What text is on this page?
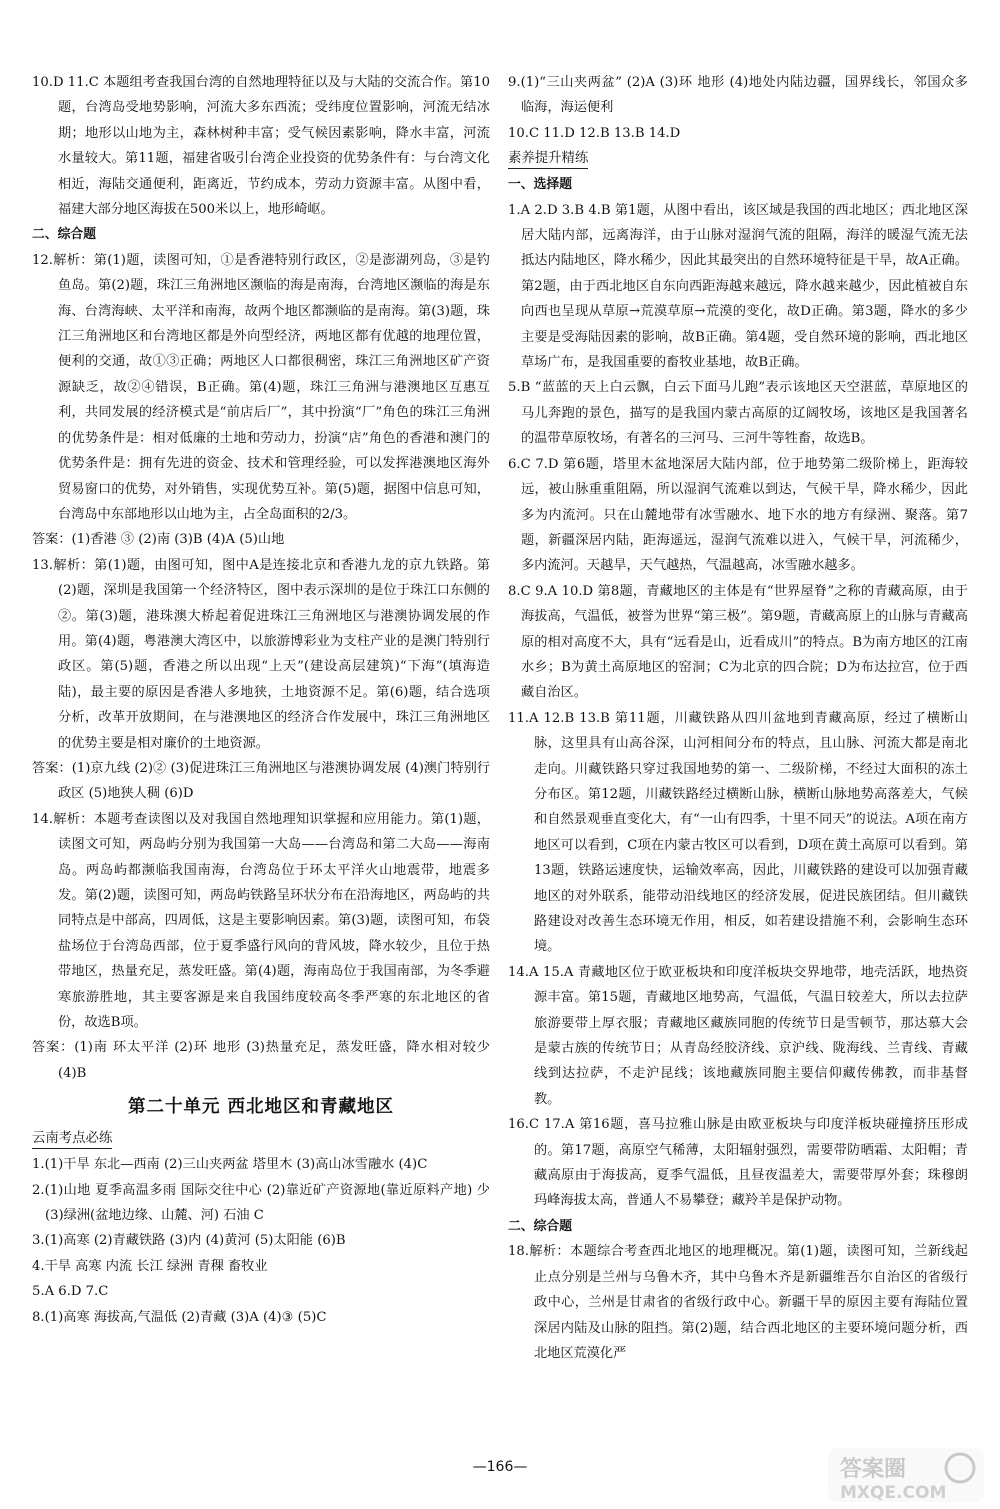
10.D 11.C 本题组考查我国台湾的自然地理特征以及与大陆的交流合作。第10题，台湾岛受地势影响，河流大多东西流；受纬度位置影响，河流无结冰期；地形以山地为主，森林树种丰富；受气候因素影响，降水丰富，河流水量较大。第11题，福建省吸引台湾企业投资的优势条件有：与台湾文化相近，海陆交通便利，距离近，节约成本，劳动力资源丰富。从图中看，福建大部分地区海拔在500米以上，地形崎岖。

二、综合题

12.解析：第(1)题，读图可知，①是香港特别行政区，②是澎湖列岛，③是钓鱼岛。第(2)题，珠江三角洲地区濒临的海是南海，台湾地区濒临的海是东海、台湾海峡、太平洋和南海，故两个地区都濒临的是南海。第(3)题，珠江三角洲地区和台湾地区都是外向型经济，两地区都有优越的地理位置，便利的交通，故①③正确；两地区人口都很稠密，珠江三角洲地区矿产资源缺乏，故②④错误，B正确。第(4)题，珠江三角洲与港澳地区互惠互利，共同发展的经济模式是“前店后厂”，其中扮演“厂”角色的珠江三角洲的优势条件是：相对低廉的土地和劳动力，扮演“店”角色的香港和澳门的优势条件是：拥有先进的资金、技术和管理经验，可以发挥港澳地区海外贸易窗口的优势，对外销售，实现优势互补。第(5)题，据图中信息可知，台湾岛中东部地形以山地为主，占全岛面积的2/3。

答案：(1)香港 ③ (2)南 (3)B (4)A (5)山地

13.解析：第(1)题，由图可知，图中A是连接北京和香港九龙的京九铁路。第(2)题，深圳是我国第一个经济特区，图中表示深圳的是位于珠江口东侧的②。第(3)题，港珠澳大桥起着促进珠江三角洲地区与港澳协调发展的作用。第(4)题，粤港澳大湾区中，以旅游博彩业为支柱产业的是澳门特别行政区。第(5)题，香港之所以出现“上天”(建设高层建筑)“下海”(填海造陆)，最主要的原因是香港人多地狭，土地资源不足。第(6)题，结合选项分析，改革开放期间，在与港澳地区的经济合作发展中，珠江三角洲地区的优势主要是相对廉价的土地资源。

答案：(1)京九线 (2)② (3)促进珠江三角洲地区与港澳协调发展 (4)澳门特别行政区 (5)地狭人稠 (6)D

14.解析：本题考查读图以及对我国自然地理知识掌握和应用能力。第(1)题，读图文可知，两岛屿分别为我国第一大岛——台湾岛和第二大岛——海南岛。两岛屿都濒临我国南海，台湾岛位于环太平洋火山地震带，地震多发。第(2)题，读图可知，两岛屿铁路呈环状分布在沿海地区，两岛屿的共同特点是中部高，四周低，这是主要影响因素。第(3)题，读图可知，布袋盐场位于台湾岛西部，位于夏季盛行风向的背风坡，降水较少，且位于热带地区，热量充足，蒸发旺盛。第(4)题，海南岛位于我国南部，为冬季避寒旅游胜地，其主要客源是来自我国纬度较高冬季严寒的东北地区的省份，故选B项。

答案：(1)南 环太平洋 (2)环 地形 (3)热量充足，蒸发旺盛，降水相对较少 (4)B

第二十单元 西北地区和青藏地区

云南考点必练

1.(1)干旱 东北—西南 (2)三山夹两盆 塔里木 (3)高山冰雪融水 (4)C

2.(1)山地 夏季高温多雨 国际交往中心 (2)靠近矿产资源地(靠近原料产地) 少 (3)绿洲(盆地边缘、山麓、河) 石油 C

3.(1)高寒 (2)青藏铁路 (3)内 (4)黄河 (5)太阳能 (6)B

4.干旱 高寒 内流 长江 绿洲 青稞 畜牧业

5.A 6.D 7.C

8.(1)高寒 海拔高,气温低 (2)青藏 (3)A (4)③ (5)C

9.(1)“三山夹两盆” (2)A (3)环 地形 (4)地处内陆边疆，国界线长，邻国众多 临海，海运便利

10.C 11.D 12.B 13.B 14.D

素养提升精练

一、选择题

1.A 2.D 3.B 4.B 第1题，从图中看出，该区域是我国的西北地区；西北地区深居大陆内部，远离海洋，由于山脉对湿润气流的阻隔，海洋的暖湿气流无法抵达内陆地区，降水稀少，因此其最突出的自然环境特征是干旱，故A正确。第2题，由于西北地区自东向西距海越来越远，降水越来越少，因此植被自东向西也呈现从草原→荒漠草原→荒漠的变化，故D正确。第3题，降水的多少主要是受海陆因素的影响，故B正确。第4题，受自然环境的影响，西北地区草场广布，是我国重要的畜牧业基地，故B正确。

5.B “蓝蓝的天上白云飘，白云下面马儿跑”表示该地区天空湛蓝，草原地区的马儿奔跑的景色，描写的是我国内蒙古高原的辽阔牧场，该地区是我国著名的温带草原牧场，有著名的三河马、三河牛等牲畜，故选B。

6.C 7.D 第6题，塔里木盆地深居大陆内部，位于地势第二级阶梯上，距海较远，被山脉重重阻隔，所以湿润气流难以到达，气候干旱，降水稀少，因此多为内流河。只在山麓地带有冰雪融水、地下水的地方有绿洲、聚落。第7题，新疆深居内陆，距海遥远，湿润气流难以进入，气候干旱，河流稀少，多内流河。天越旱，天气越热，气温越高，冰雪融水越多。

8.C 9.A 10.D 第8题，青藏地区的主体是有“世界屋脊”之称的青藏高原，由于海拔高，气温低，被誉为世界“第三极”。第9题，青藏高原上的山脉与青藏高原的相对高度不大，具有“远看是山，近看成川”的特点。B为南方地区的江南水乡；B为黄土高原地区的窑洞；C为北京的四合院；D为布达拉宫，位于西藏自治区。

11.A 12.B 13.B 第11题，川藏铁路从四川盆地到青藏高原，经过了横断山脉，这里具有山高谷深，山河相间分布的特点，且山脉、河流大都是南北走向。川藏铁路只穿过我国地势的第一、二级阶梯，不经过大面积的冻土分布区。第12题，川藏铁路经过横断山脉，横断山脉地势高落差大，气候和自然景观垂直变化大，有“一山有四季，十里不同天”的说法。A项在南方地区可以看到，C项在内蒙古牧区可以看到，D项在黄土高原可以看到。第13题，铁路运速度快，运输效率高，因此，川藏铁路的建设可以加强青藏地区的对外联系，能带动沿线地区的经济发展，促进民族团结。但川藏铁路建设对改善生态环境无作用，相反，如若建设措施不利，会影响生态环境。

14.A 15.A 青藏地区位于欧亚板块和印度洋板块交界地带，地壳活跃，地热资源丰富。第15题，青藏地区地势高，气温低，气温日较差大，所以去拉萨旅游要带上厚衣服；青藏地区藏族同胞的传统节日是雪顿节，那达慕大会是蒙古族的传统节日；从青岛经胶济线、京沪线、陇海线、兰青线、青藏线到达拉萨，不走沪昆线；该地藏族同胞主要信仰藏传佛教，而非基督教。

16.C 17.A 第16题，喜马拉雅山脉是由欧亚板块与印度洋板块碰撞挤压形成的。第17题，高原空气稀薄，太阳辐射强烈，需要带防晒霜、太阳帽；青藏高原由于海拔高，夏季气温低，且昼夜温差大，需要带厚外套；珠穆朗玛峰海拔太高，普通人不易攀登；藏羚羊是保护动物。

二、综合题

18.解析：本题综合考查西北地区的地理概况。第(1)题，读图可知，兰新线起止点分别是兰州与乌鲁木齐，其中乌鲁木齐是新疆维吾尔自治区的省级行政中心，兰州是甘肃省的省级行政中心。新疆干旱的原因主要有海陆位置深居内陆及山脉的阻挡。第(2)题，结合西北地区的主要环境问题分析，西北地区荒漠化严

—166—	答案圈
MXQE.COM
